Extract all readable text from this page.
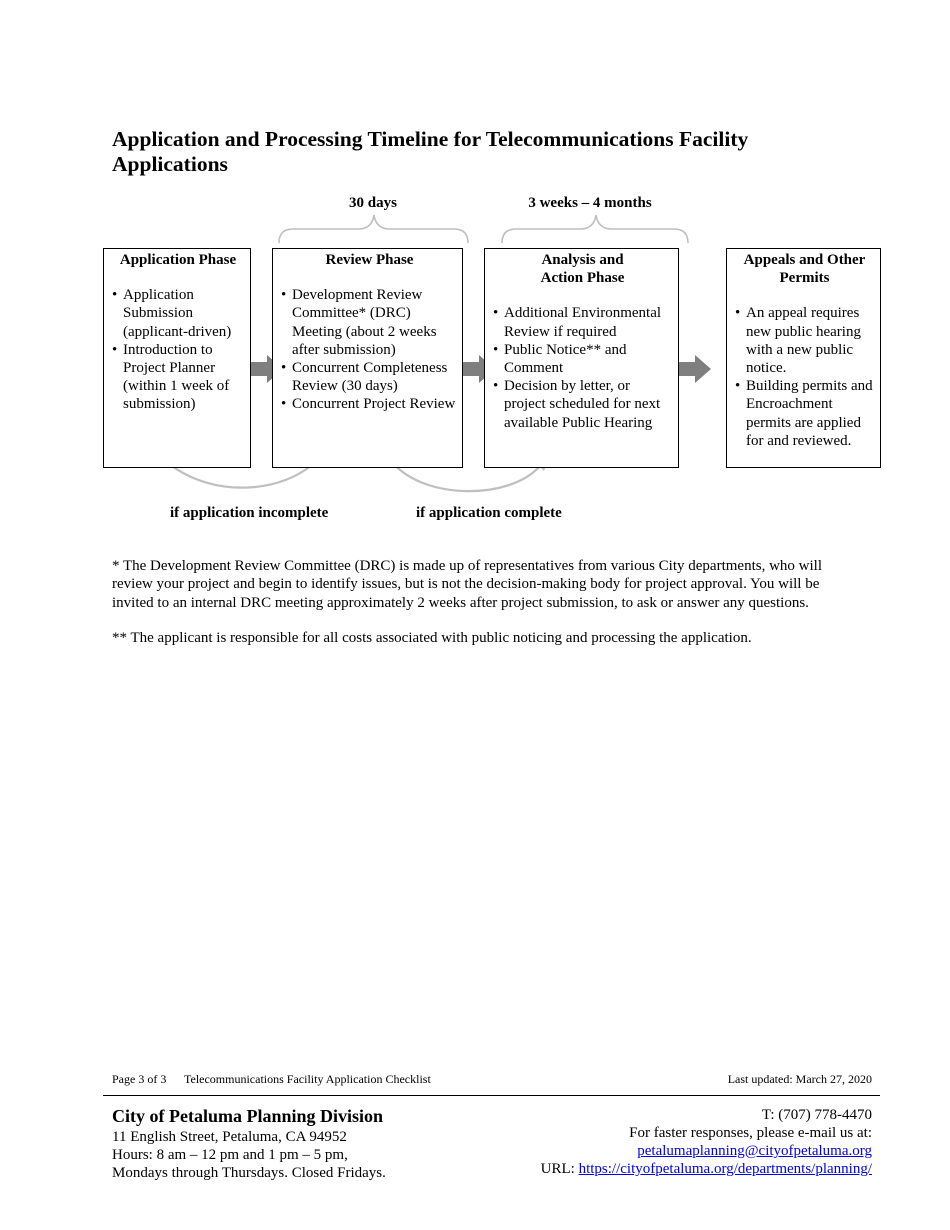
Application and Processing Timeline for Telecommunications Facility Applications
30 days	3 weeks – 4 months
Application Phase
• Application Submission (applicant-driven)
• Introduction to Project Planner (within 1 week of submission)
Review Phase
• Development Review Committee* (DRC) Meeting (about 2 weeks after submission)
• Concurrent Completeness Review (30 days)
• Concurrent Project Review
Analysis and Action Phase
• Additional Environmental Review if required
• Public Notice** and Comment
• Decision by letter, or project scheduled for next available Public Hearing
Appeals and Other Permits
• An appeal requires new public hearing with a new public notice.
• Building permits and Encroachment permits are applied for and reviewed.
if application incomplete	if application complete

* The Development Review Committee (DRC) is made up of representatives from various City departments, who will review your project and begin to identify issues, but is not the decision-making body for project approval. You will be invited to an internal DRC meeting approximately 2 weeks after project submission, to ask or answer any questions.

** The applicant is responsible for all costs associated with public noticing and processing the application.

Page 3 of 3 Telecommunications Facility Application Checklist	Last updated: March 27, 2020
City of Petaluma Planning Division
11 English Street, Petaluma, CA 94952
Hours: 8 am – 12 pm and 1 pm – 5 pm,
Mondays through Thursdays. Closed Fridays.
T: (707) 778-4470
For faster responses, please e-mail us at:
petalumaplanning@cityofpetaluma.org
URL: https://cityofpetaluma.org/departments/planning/
